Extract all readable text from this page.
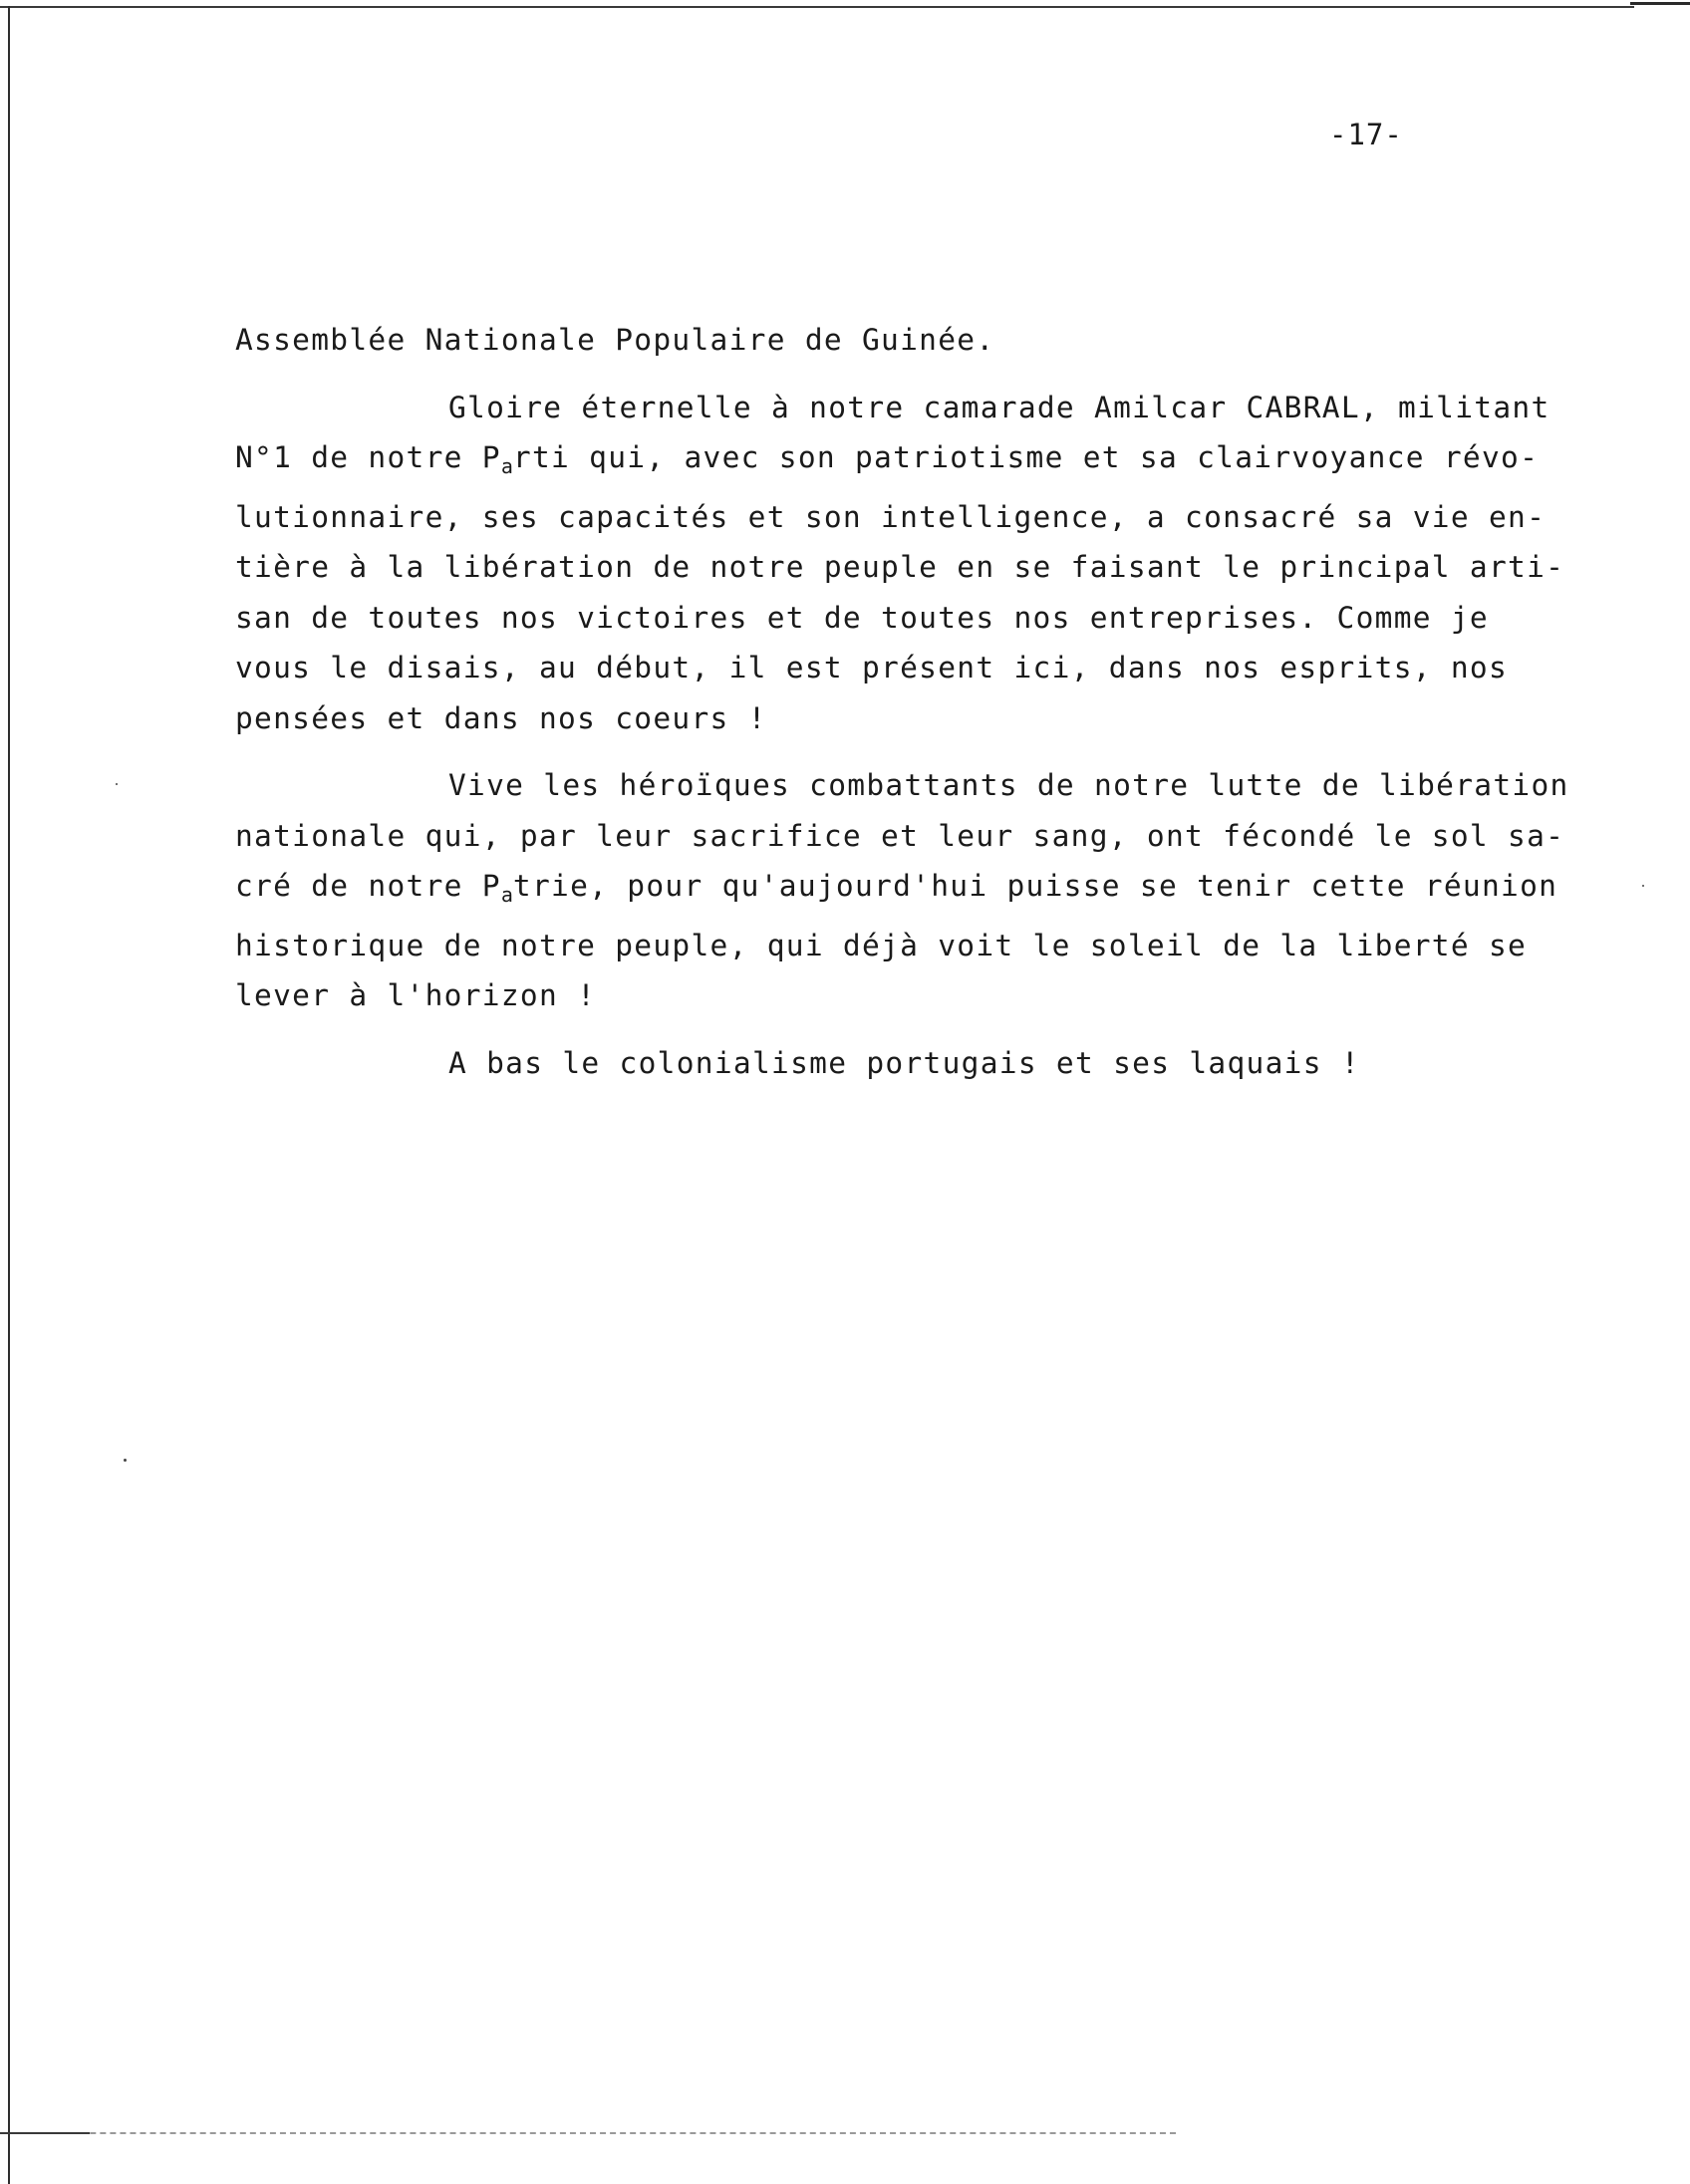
-17-
Assemblée Nationale Populaire de Guinée.
Gloire éternelle à notre camarade Amilcar CABRAL, militant
N°1 de notre $P_arti$ qui, avec son patriotisme et sa clairvoyance révo-
lutionnaire, ses capacités et son intelligence, a consacré sa vie en-
tière à la libération de notre peuple en se faisant le principal arti-
san de toutes nos victoires et de toutes nos entreprises. Comme je
vous le disais, au début, il est présent ici, dans nos esprits, nos
pensées et dans nos coeurs !
Vive les héroïques combattants de notre lutte de libération
nationale qui, par leur sacrifice et leur sang, ont fécondé le sol sa-
cré de notre $P_atrie$, pour qu'aujourd'hui puisse se tenir cette réunion
historique de notre peuple, qui déjà voit le soleil de la liberté se
lever à l'horizon !
A bas le colonialisme portugais et ses laquais !
